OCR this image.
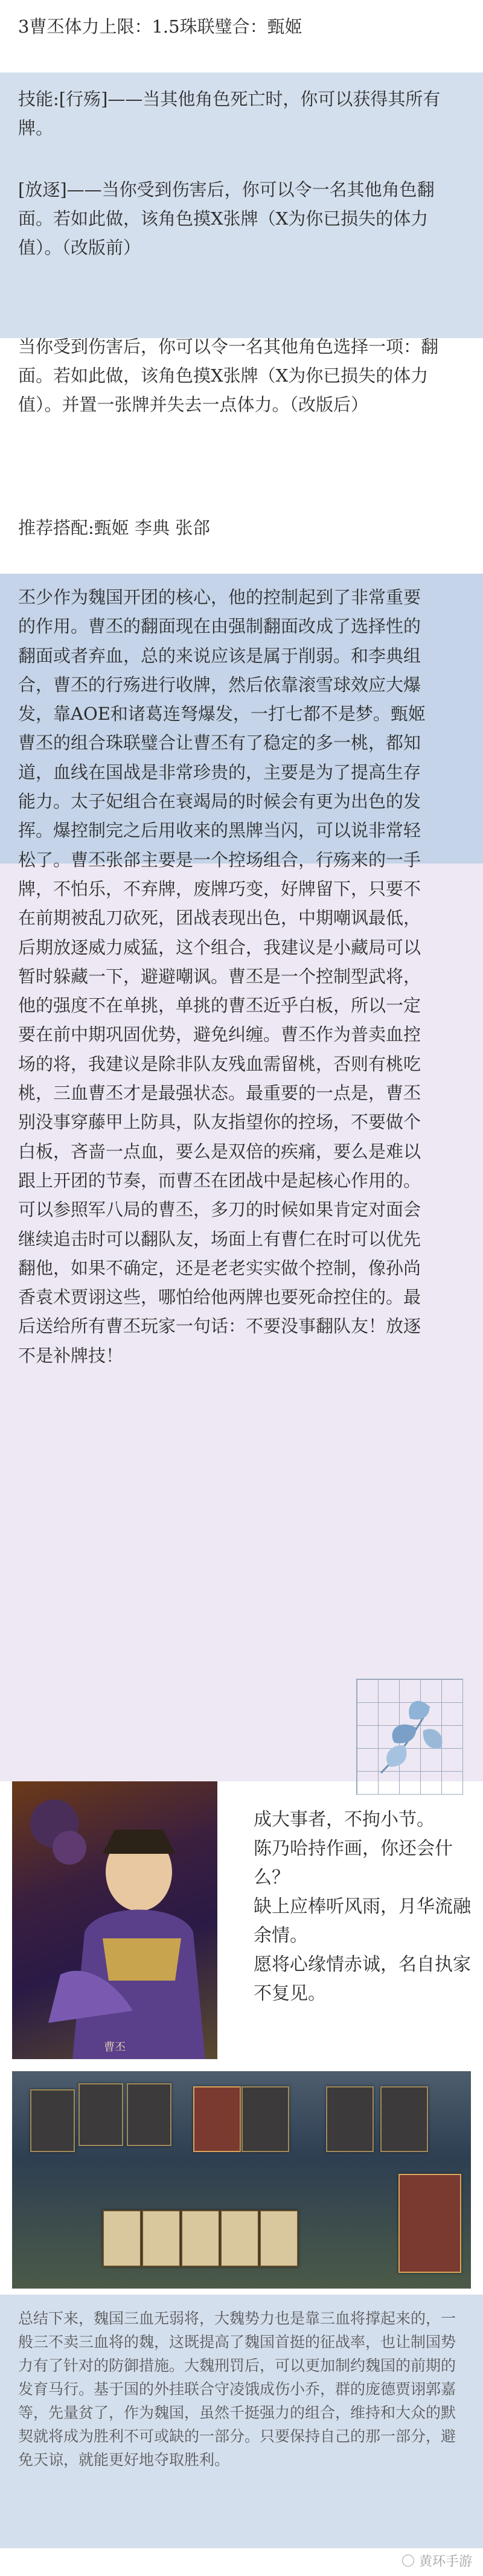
3曹丕体力上限：1.5珠联璧合：甄姬
技能:[行殇]——当其他角色死亡时，你可以获得其所有牌。
[放逐]——当你受到伤害后，你可以令一名其他角色翻面。若如此做，该角色摸X张牌（X为你已损失的体力值）。（改版前）
当你受到伤害后，你可以令一名其他角色选择一项：翻面。若如此做，该角色摸X张牌（X为你已损失的体力值）。并置一张牌并失去一点体力。（改版后）
推荐搭配:甄姬 李典 张郃
丕少作为魏国开团的核心，他的控制起到了非常重要的作用。曹丕的翻面现在由强制翻面改成了选择性的翻面或者弃血，总的来说应该是属于削弱。和李典组合，曹丕的行殇进行收牌，然后依靠滚雪球效应大爆发，靠AOE和诸葛连弩爆发，一打七都不是梦。甄姬曹丕的组合珠联璧合让曹丕有了稳定的多一桃，都知道，血线在国战是非常珍贵的，主要是为了提高生存能力。太子妃组合在衰竭局的时候会有更为出色的发挥。爆控制完之后用收来的黑牌当闪，可以说非常轻松了。曹丕张郃主要是一个控场组合，行殇来的一手牌，不怕乐，不弃牌，废牌巧变，好牌留下，只要不在前期被乱刀砍死，团战表现出色，中期嘲讽最低，后期放逐威力威猛，这个组合，我建议是小藏局可以暂时躲藏一下，避避嘲讽。曹丕是一个控制型武将，他的强度不在单挑，单挑的曹丕近乎白板，所以一定要在前中期巩固优势，避免纠缠。曹丕作为普卖血控场的将，我建议是除非队友残血需留桃，否则有桃吃桃，三血曹丕才是最强状态。最重要的一点是，曹丕别没事穿藤甲上防具，队友指望你的控场，不要做个白板，吝啬一点血，要么是双倍的疾痛，要么是难以跟上开团的节奏，而曹丕在团战中是起核心作用的。可以参照军八局的曹丕，多刀的时候如果肯定对面会继续追击时可以翻队友，场面上有曹仁在时可以优先翻他，如果不确定，还是老老实实做个控制，像孙尚香袁术贾诩这些，哪怕给他两牌也要死命控住的。最后送给所有曹丕玩家一句话：不要没事翻队友！放逐不是补牌技！
曹丕
成大事者，不拘小节。
陈乃哈持作画，你还会什么？
缺上应棒听风雨，月华流融余情。
愿将心缘情赤诚，名自执家不复见。
总结下来，魏国三血无弱将，大魏势力也是靠三血将撑起来的，一般三不卖三血将的魏，这既提高了魏国首挺的征战率，也让制国势力有了针对的防御措施。大魏刑罚后，可以更加制约魏国的前期的发育马行。基于国的外挂联合守凌饿成伤小乔，群的庞德贾诩郭嘉等，先量贫了，作为魏国，虽然千挺强力的组合，维持和大众的默契就将成为胜利不可或缺的一部分。只要保持自己的那一部分，避免天谅，就能更好地夺取胜利。
〇 黄环手游
